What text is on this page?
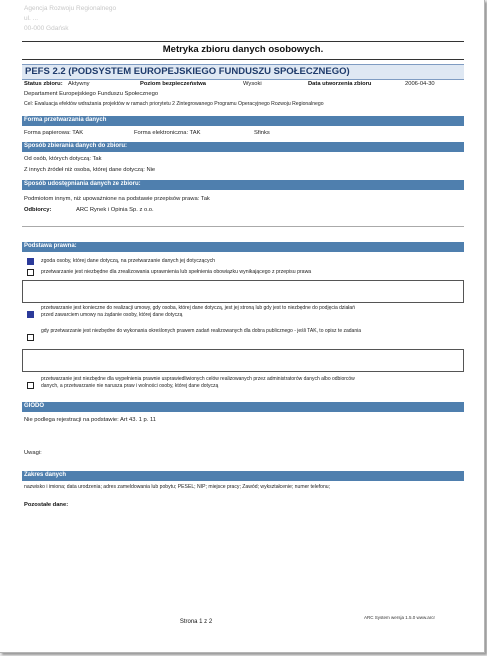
Agencja Rozwoju Regionalnego
ul. ...
00-000 Gdańsk
Metryka zbioru danych osobowych.
PEFS 2.2 (PODSYSTEM EUROPEJSKIEGO FUNDUSZU SPOŁECZNEGO)
Status zbioru: Aktywny	Poziom bezpieczeństwa	Wysoki	Data utworzenia zbioru	2006-04-30
Departament Europejskiego Funduszu Społecznego
Cel: Ewaluacja efektów wdrażania projektów w ramach priorytetu 2 Zintegrowanego Programu Operacyjnego Rozwoju Regionalnego
Forma przetwarzania danych
Forma papierowa: TAK	Forma elektroniczna: TAK	Sfinks
Sposób zbierania danych do zbioru:
Od osób, których dotyczą: Tak
Z innych źródeł niż osoba, której dane dotyczą: Nie
Sposób udostępniania danych ze zbioru:
Podmiotom innym, niż upoważnione na podstawie przepisów prawa: Tak
Odbiorcy:	ARC Rynek i Opinia Sp. z o.o.
Podstawa prawna:
zgoda osoby, której dane dotyczą, na przetwarzanie danych jej dotyczących
przetwarzanie jest niezbędne dla zrealizowania uprawnienia lub spełnienia obowiązku wynikającego z przepisu prawa
przetwarzanie jest konieczne do realizacji umowy, gdy osoba, której dane dotyczą, jest jej stroną lub gdy jest to niezbędne do podjęcia działań
przed zawarciem umowy na żądanie osoby, której dane dotyczą
gdy przetwarzanie jest niezbędne do wykonania określonych prawem zadań realizowanych dla dobra publicznego - jeśli TAK, to opisz te zadania
przetwarzanie jest niezbędne dla wypełnienia prawnie usprawiedliwionych celów realizowanych przez administratorów danych albo odbiorców
danych, a przetwarzanie nie narusza praw i wolności osoby, której dane dotyczą
GIODO
Nie podlega rejestracji na podstawie: Art 43. 1 p. 11
Uwagi:
Zakres danych
nazwisko i imiona; data urodzenia; adres zameldowania lub pobytu; PESEL; NIP; miejsce pracy; Zawód; wykształcenie; numer telefonu;
Pozostałe dane:
Strona 1 z 2
ARC System wersja 1.5.0 www.arcr
